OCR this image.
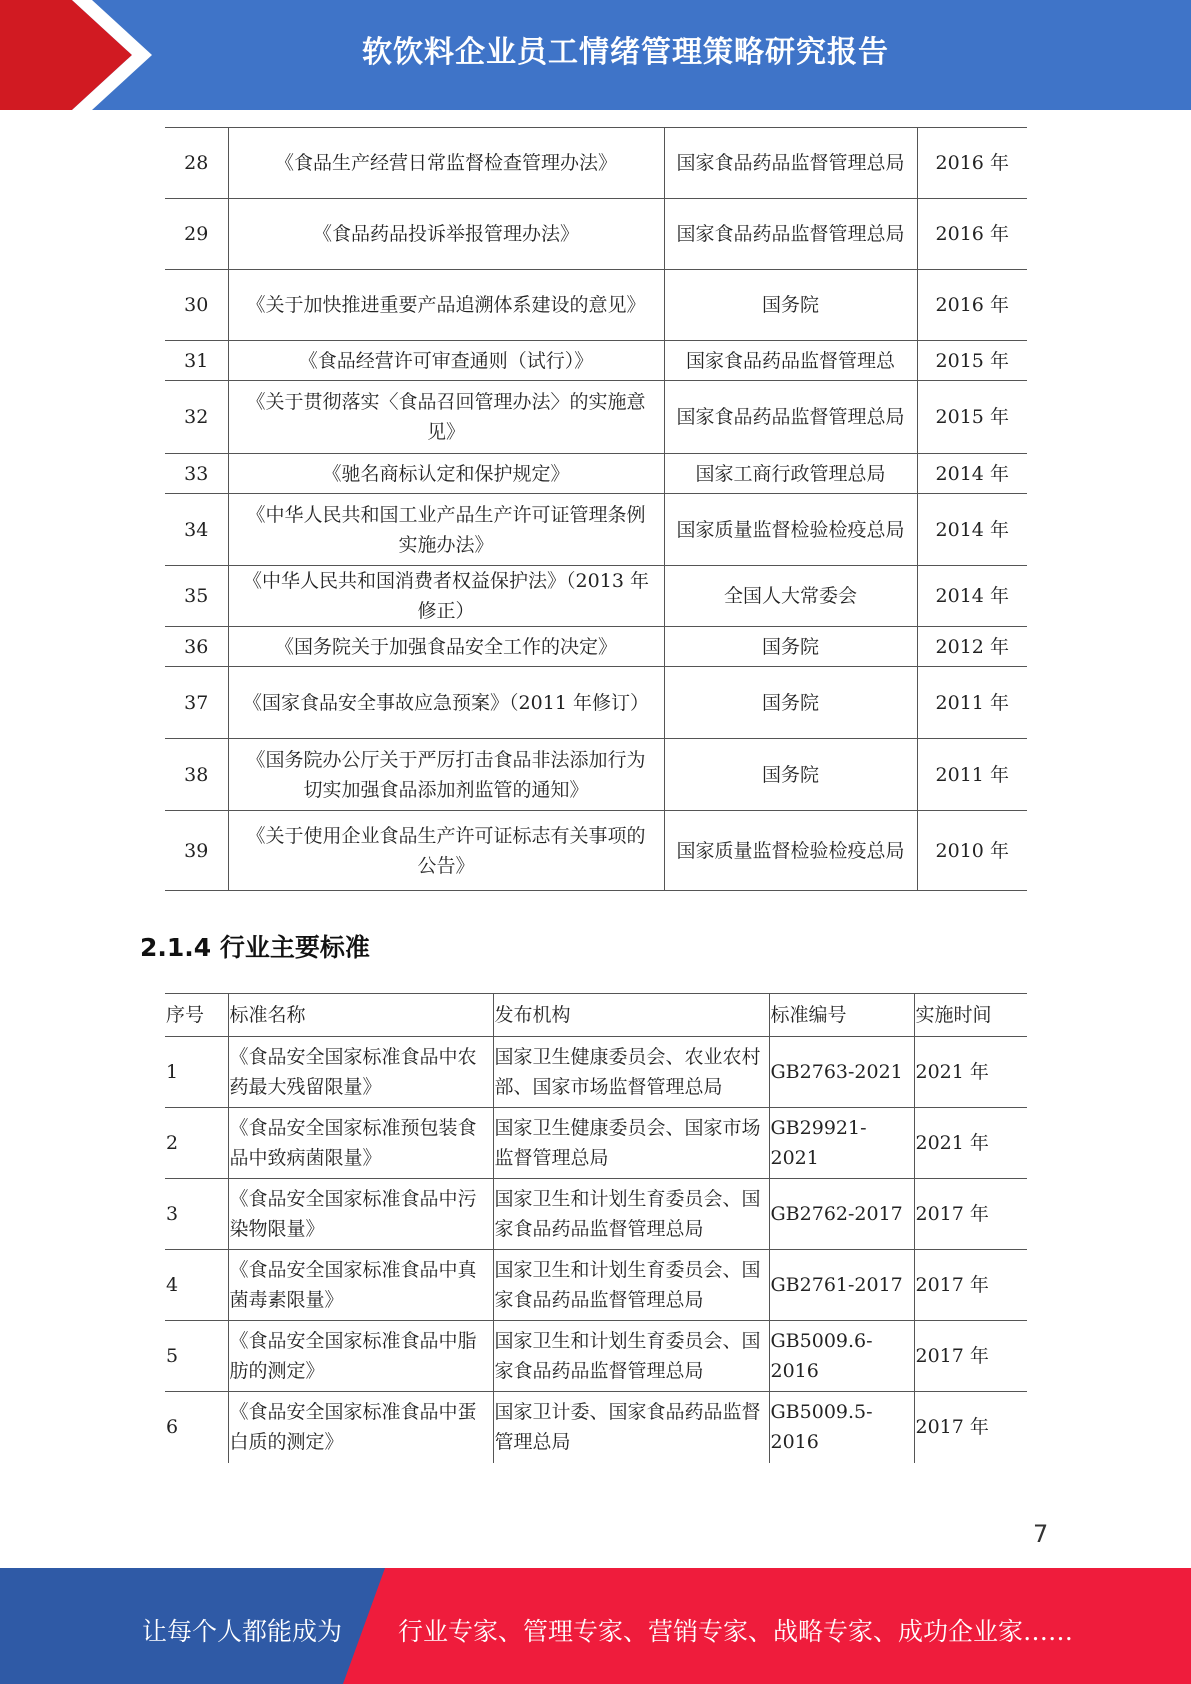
软饮料企业员工情绪管理策略研究报告
28	《食品生产经营日常监督检查管理办法》	国家食品药品监督管理总局	2016 年
29	《食品药品投诉举报管理办法》	国家食品药品监督管理总局	2016 年
30	《关于加快推进重要产品追溯体系建设的意见》	国务院	2016 年
31	《食品经营许可审查通则（试行）》	国家食品药品监督管理总	2015 年
32	《关于贯彻落实〈食品召回管理办法〉的实施意见》	国家食品药品监督管理总局	2015 年
33	《驰名商标认定和保护规定》	国家工商行政管理总局	2014 年
34	《中华人民共和国工业产品生产许可证管理条例实施办法》	国家质量监督检验检疫总局	2014 年
35	《中华人民共和国消费者权益保护法》（2013 年修正）	全国人大常委会	2014 年
36	《国务院关于加强食品安全工作的决定》	国务院	2012 年
37	《国家食品安全事故应急预案》（2011 年修订）	国务院	2011 年
38	《国务院办公厅关于严厉打击食品非法添加行为切实加强食品添加剂监管的通知》	国务院	2011 年
39	《关于使用企业食品生产许可证标志有关事项的公告》	国家质量监督检验检疫总局	2010 年
2.1.4 行业主要标准
序号	标准名称	发布机构	标准编号	实施时间
1	《食品安全国家标准食品中农药最大残留限量》	国家卫生健康委员会、农业农村部、国家市场监督管理总局	GB2763-2021	2021 年
2	《食品安全国家标准预包装食品中致病菌限量》	国家卫生健康委员会、国家市场监督管理总局	GB29921-2021	2021 年
3	《食品安全国家标准食品中污染物限量》	国家卫生和计划生育委员会、国家食品药品监督管理总局	GB2762-2017	2017 年
4	《食品安全国家标准食品中真菌毒素限量》	国家卫生和计划生育委员会、国家食品药品监督管理总局	GB2761-2017	2017 年
5	《食品安全国家标准食品中脂肪的测定》	国家卫生和计划生育委员会、国家食品药品监督管理总局	GB5009.6-2016	2017 年
6	《食品安全国家标准食品中蛋白质的测定》	国家卫计委、国家食品药品监督管理总局	GB5009.5-2016	2017 年
7
让每个人都能成为 行业专家、管理专家、营销专家、战略专家、成功企业家……
